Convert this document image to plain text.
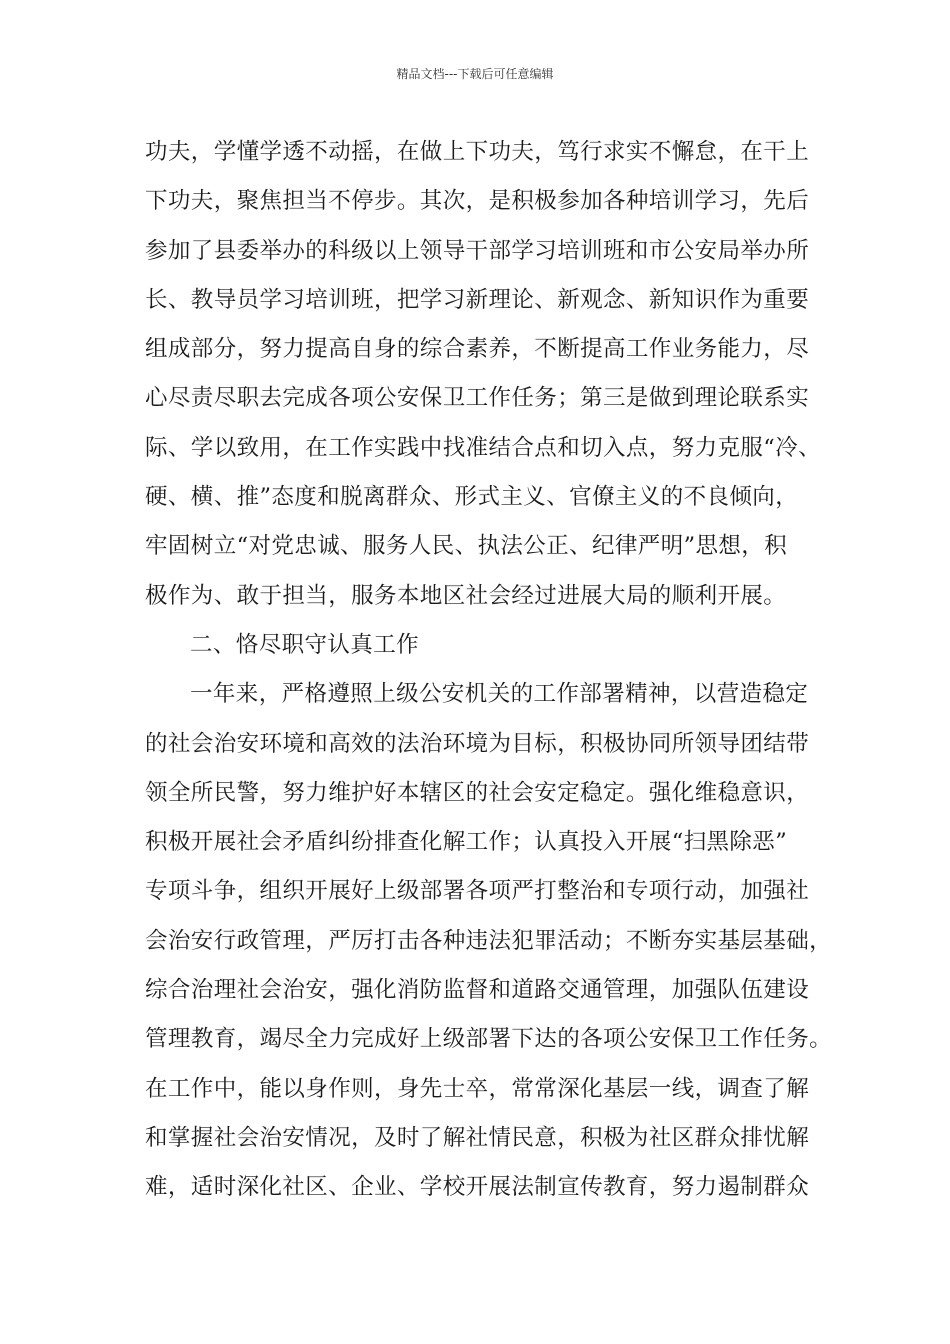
精品文档---下载后可任意编辑
功夫，学懂学透不动摇，在做上下功夫，笃行求实不懈怠，在干上
下功夫，聚焦担当不停步。其次，是积极参加各种培训学习，先后
参加了县委举办的科级以上领导干部学习培训班和市公安局举办所
长、教导员学习培训班，把学习新理论、新观念、新知识作为重要
组成部分，努力提高自身的综合素养，不断提高工作业务能力，尽
心尽责尽职去完成各项公安保卫工作任务；第三是做到理论联系实
际、学以致用，在工作实践中找准结合点和切入点，努力克服“冷、
硬、横、推”态度和脱离群众、形式主义、官僚主义的不良倾向，
牢固树立“对党忠诚、服务人民、执法公正、纪律严明”思想，积
极作为、敢于担当，服务本地区社会经过进展大局的顺利开展。
二、恪尽职守认真工作
一年来，严格遵照上级公安机关的工作部署精神，以营造稳定
的社会治安环境和高效的法治环境为目标，积极协同所领导团结带
领全所民警，努力维护好本辖区的社会安定稳定。强化维稳意识，
积极开展社会矛盾纠纷排查化解工作；认真投入开展“扫黑除恶”
专项斗争，组织开展好上级部署各项严打整治和专项行动，加强社
会治安行政管理，严厉打击各种违法犯罪活动；不断夯实基层基础，
综合治理社会治安，强化消防监督和道路交通管理，加强队伍建设
管理教育，竭尽全力完成好上级部署下达的各项公安保卫工作任务。
在工作中，能以身作则，身先士卒，常常深化基层一线，调查了解
和掌握社会治安情况，及时了解社情民意，积极为社区群众排忧解
难，适时深化社区、企业、学校开展法制宣传教育，努力遏制群众
